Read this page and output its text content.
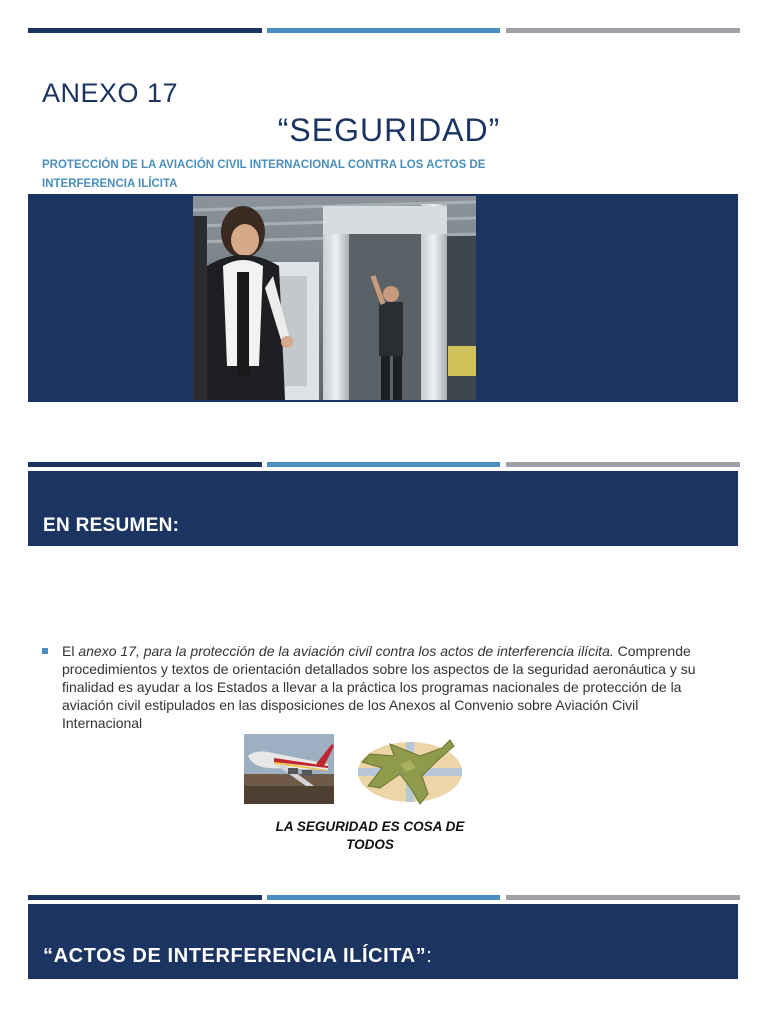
ANEXO 17
“SEGURIDAD”
PROTECCIÓN DE LA AVIACIÓN CIVIL INTERNACIONAL CONTRA LOS ACTOS DE INTERFERENCIA ILÍCITA
EN RESUMEN:
El anexo 17, para la protección de la aviación civil contra los actos de interferencia ilícita. Comprende procedimientos y textos de orientación detallados sobre los aspectos de la seguridad aeronáutica y su finalidad es ayudar a los Estados a llevar a la práctica los programas nacionales de protección de la aviación civil estipulados en las disposiciones de los Anexos al Convenio sobre Aviación Civil Internacional
LA SEGURIDAD ES COSA DE
TODOS
“ACTOS DE INTERFERENCIA ILÍCITA”:
